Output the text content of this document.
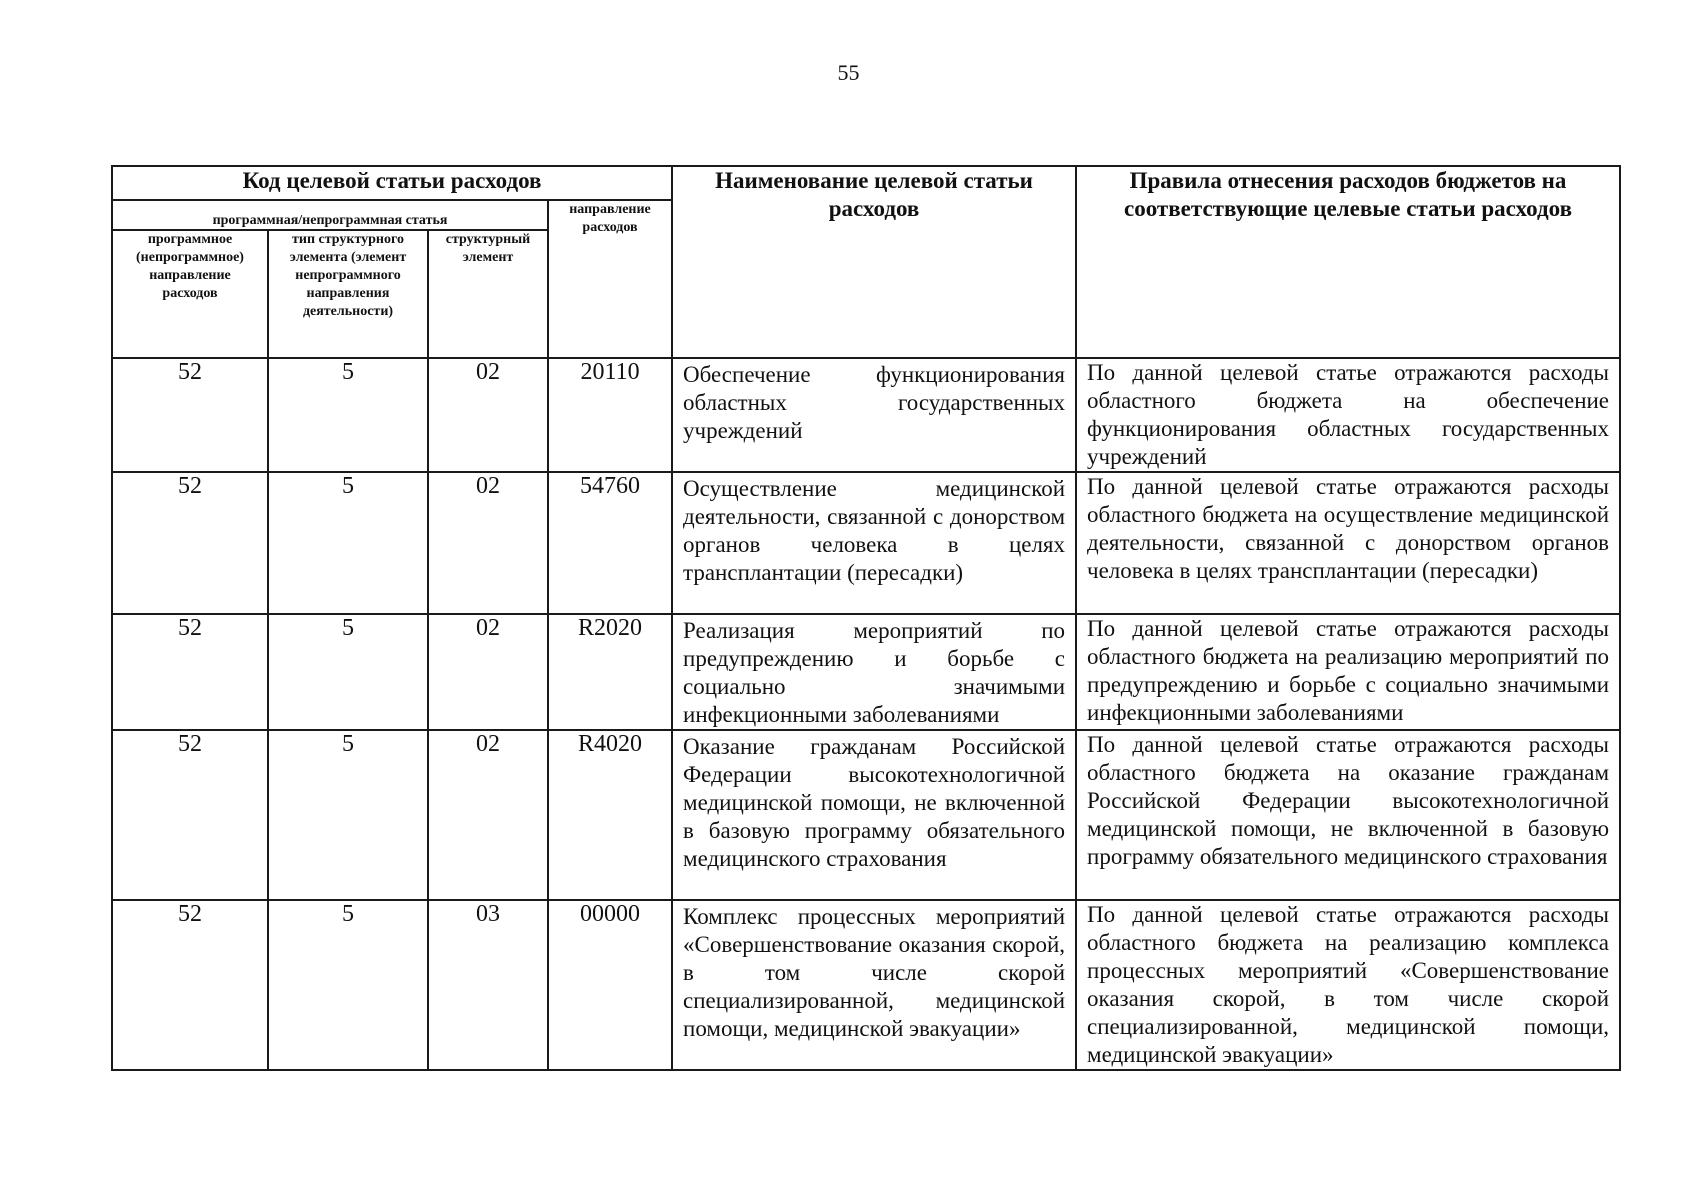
55
Код целевой статьи расходов				Наименование целевой статьи расходов	Правила отнесения расходов бюджетов на соответствующие целевые статьи расходов

программная/непрограммная статья			направление расходов		

программное (непрограммное) направление расходов	тип структурного элемента (элемент непрограммного направления деятельности)	структурный элемент			

52	5	02	20110	Обеспечение функционирования областных государственных учреждений	По данной целевой статье отражаются расходы областного бюджета на обеспечение функционирования областных государственных учреждений

52	5	02	54760	Осуществление медицинской деятельности, связанной с донорством органов человека в целях трансплантации (пересадки)	По данной целевой статье отражаются расходы областного бюджета на осуществление медицинской деятельности, связанной с донорством органов человека в целях трансплантации (пересадки)

52	5	02	R2020	Реализация мероприятий по предупреждению и борьбе с социально значимыми инфекционными заболеваниями	По данной целевой статье отражаются расходы областного бюджета на реализацию мероприятий по предупреждению и борьбе с социально значимыми инфекционными заболеваниями

52	5	02	R4020	Оказание гражданам Российской Федерации высокотехнологичной медицинской помощи, не включенной в базовую программу обязательного медицинского страхования	По данной целевой статье отражаются расходы областного бюджета на оказание гражданам Российской Федерации высокотехнологичной медицинской помощи, не включенной в базовую программу обязательного медицинского страхования

52	5	03	00000	Комплекс процессных мероприятий «Совершенствование оказания скорой, в том числе скорой специализированной, медицинской помощи, медицинской эвакуации»	По данной целевой статье отражаются расходы областного бюджета на реализацию комплекса процессных мероприятий «Совершенствование оказания скорой, в том числе скорой специализированной, медицинской помощи, медицинской эвакуации»
